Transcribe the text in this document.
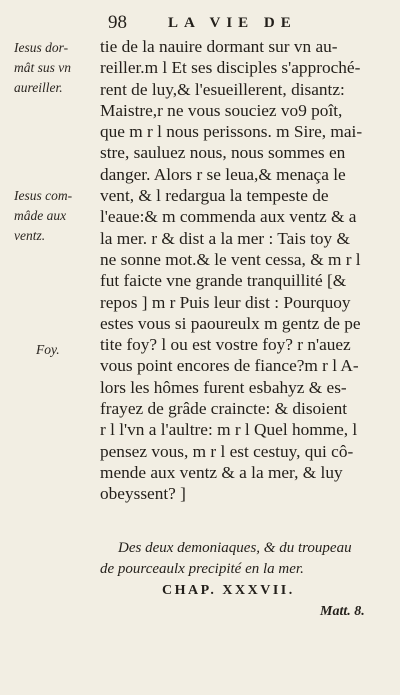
98	LA VIE DE
Iesus dor-
mât sus vn
aureiller.
Iesus com-
mâde aux
ventz.
Foy.
tie de la nauire dormant sur vn au-
reiller.m l Et ses disciples s'approché-
rent de luy,& l'esueillerent, disantz:
Maistre,r ne vous souciez vo9 poît,
que m r l nous perissons. m Sire, mai-
stre, sauluez nous, nous sommes en
danger. Alors r se leua,& menaça le
vent, & l redargua la tempeste de
l'eaue:& m commenda aux ventz & a
la mer. r & dist a la mer : Tais toy &
ne sonne mot.& le vent cessa, & m r l
fut faicte vne grande tranquillité [&
repos ] m r Puis leur dist : Pourquoy
estes vous si paoureulx m gentz de pe
tite foy? l ou est vostre foy? r n'auez
vous point encores de fiance?m r l A-
lors les hômes furent esbahyz & es-
frayez de grâde craincte: & disoient
r l l'vn a l'aultre: m r l Quel homme, l
pensez vous, m r l est cestuy, qui cô-
mende aux ventz & a la mer, & luy
obeyssent? ]
Des deux demoniaques, & du troupeau
de pourceaulx precipité en la mer.
CHAP. XXXVII.
Matt. 8.
